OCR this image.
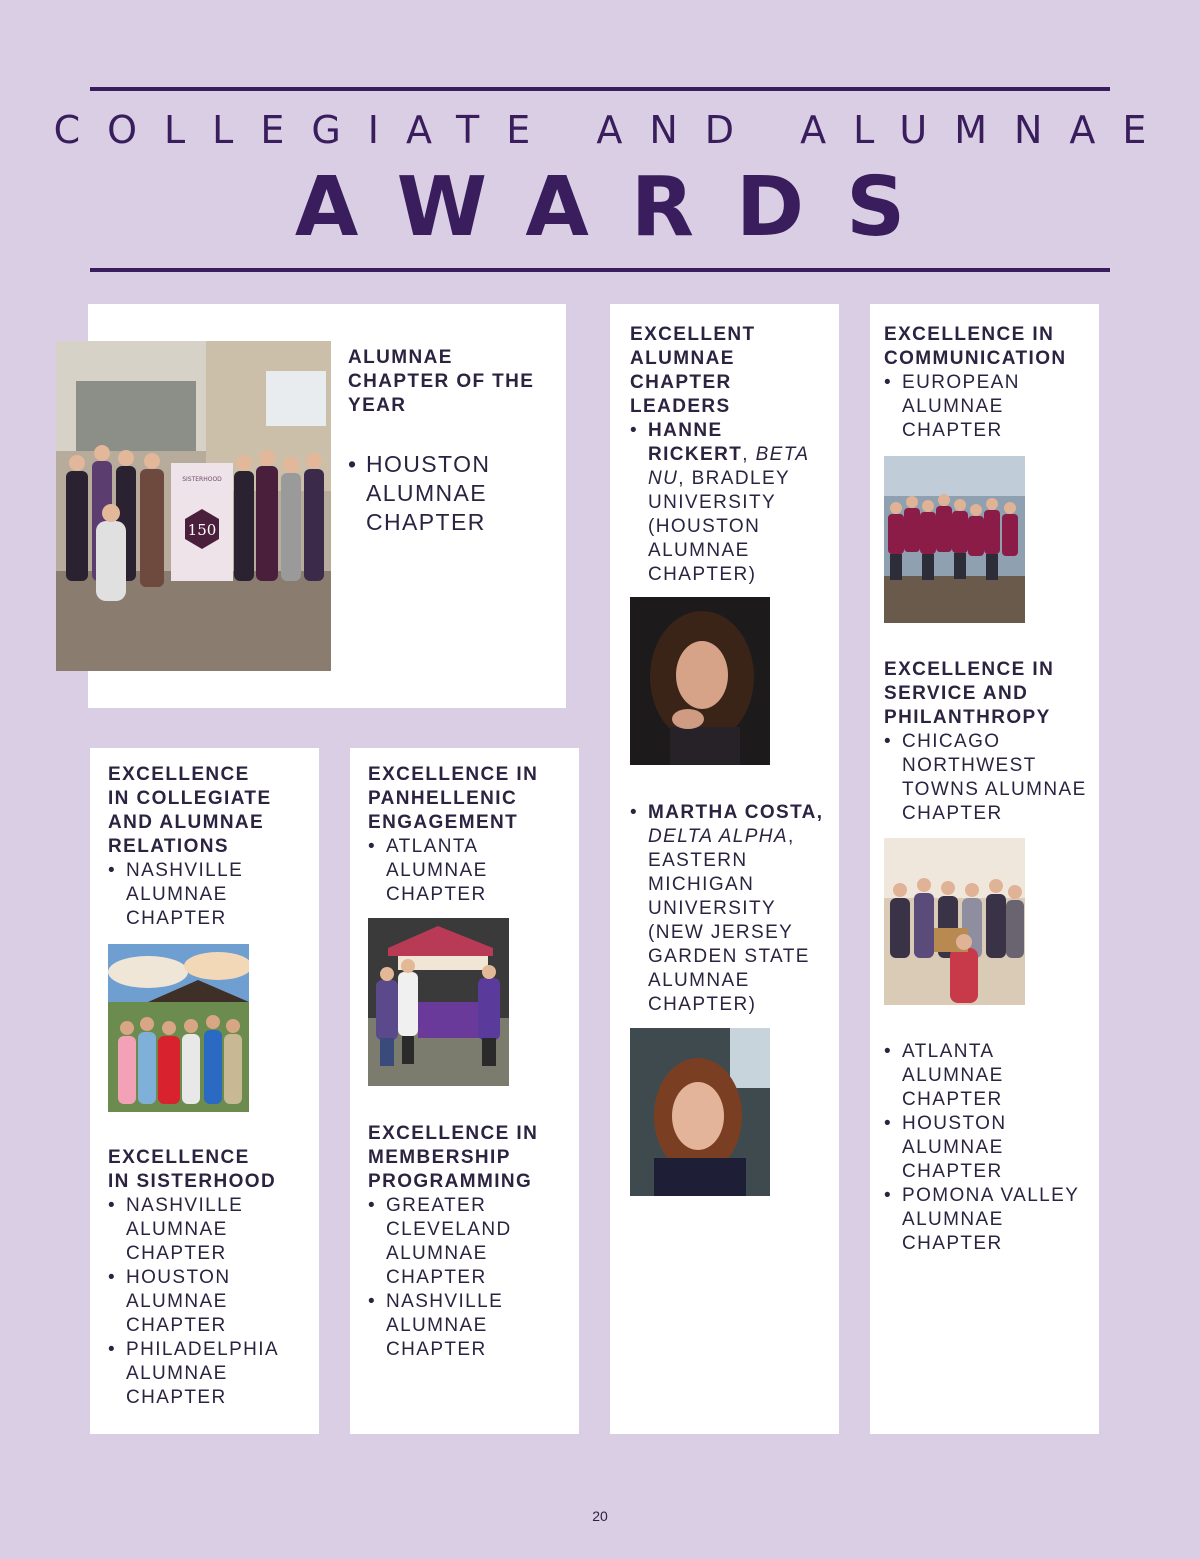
COLLEGIATE AND ALUMNAE
AWARDS
150
SISTERHOOD
ALUMNAE CHAPTER OF THE YEAR
• HOUSTON ALUMNAE CHAPTER
EXCELLENT ALUMNAE CHAPTER LEADERS
• HANNE RICKERT, BETA NU, BRADLEY UNIVERSITY (HOUSTON ALUMNAE CHAPTER)
• MARTHA COSTA, DELTA ALPHA, EASTERN MICHIGAN UNIVERSITY (NEW JERSEY GARDEN STATE ALUMNAE CHAPTER)
EXCELLENCE IN COMMUNICATION
• EUROPEAN ALUMNAE CHAPTER
EXCELLENCE IN SERVICE AND PHILANTHROPY
• CHICAGO NORTHWEST TOWNS ALUMNAE CHAPTER
• ATLANTA ALUMNAE CHAPTER
• HOUSTON ALUMNAE CHAPTER
• POMONA VALLEY ALUMNAE CHAPTER
EXCELLENCE IN COLLEGIATE AND ALUMNAE RELATIONS
• NASHVILLE ALUMNAE CHAPTER
EXCELLENCE IN SISTERHOOD
• NASHVILLE ALUMNAE CHAPTER
• HOUSTON ALUMNAE CHAPTER
• PHILADELPHIA ALUMNAE CHAPTER
EXCELLENCE IN PANHELLENIC ENGAGEMENT
• ATLANTA ALUMNAE CHAPTER
EXCELLENCE IN MEMBERSHIP PROGRAMMING
• GREATER CLEVELAND ALUMNAE CHAPTER
• NASHVILLE ALUMNAE CHAPTER
20
